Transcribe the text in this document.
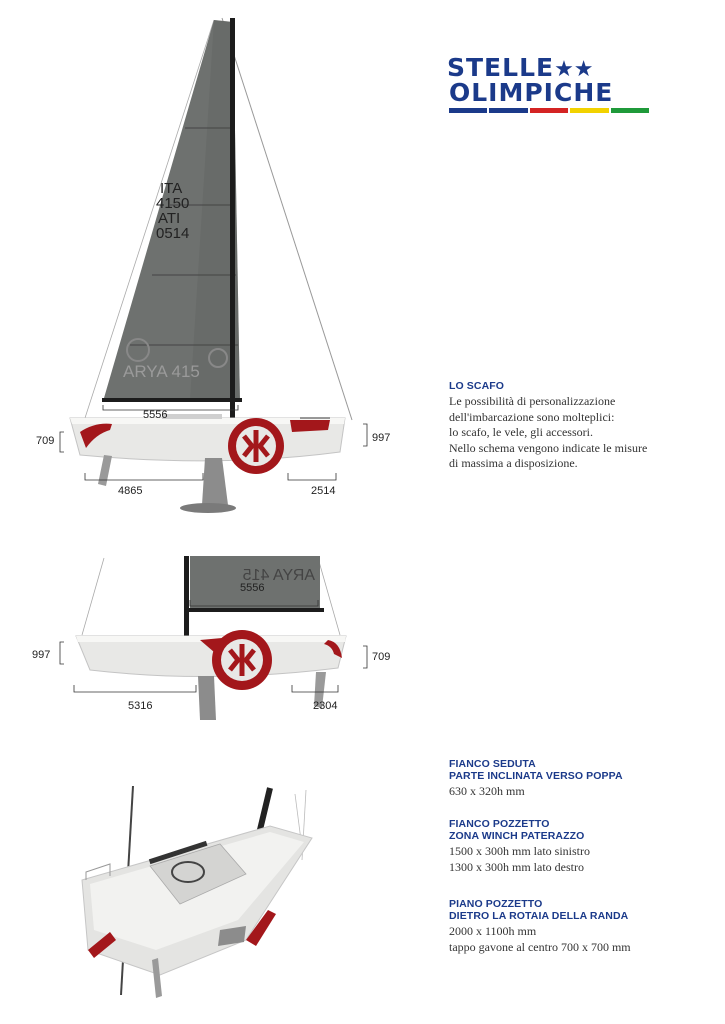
STELLE★★
OLIMPICHE
LO SCAFO
Le possibilità di personalizzazione
dell'imbarcazione sono molteplici:
lo scafo, le vele, gli accessori.
Nello schema vengono indicate le misure
di massima a disposizione.
ITA
4150
ATI
0514
ARYA 415
5556
709	997
4865	2514
ARYA 415
5556
997	709
5316	2304
FIANCO SEDUTA
PARTE INCLINATA VERSO POPPA
630 x 320h mm
FIANCO POZZETTO
ZONA WINCH PATERAZZO
1500 x 300h mm lato sinistro
1300 x 300h mm lato destro
PIANO POZZETTO
DIETRO LA ROTAIA DELLA RANDA
2000 x 1100h mm
tappo gavone al centro 700 x 700 mm
